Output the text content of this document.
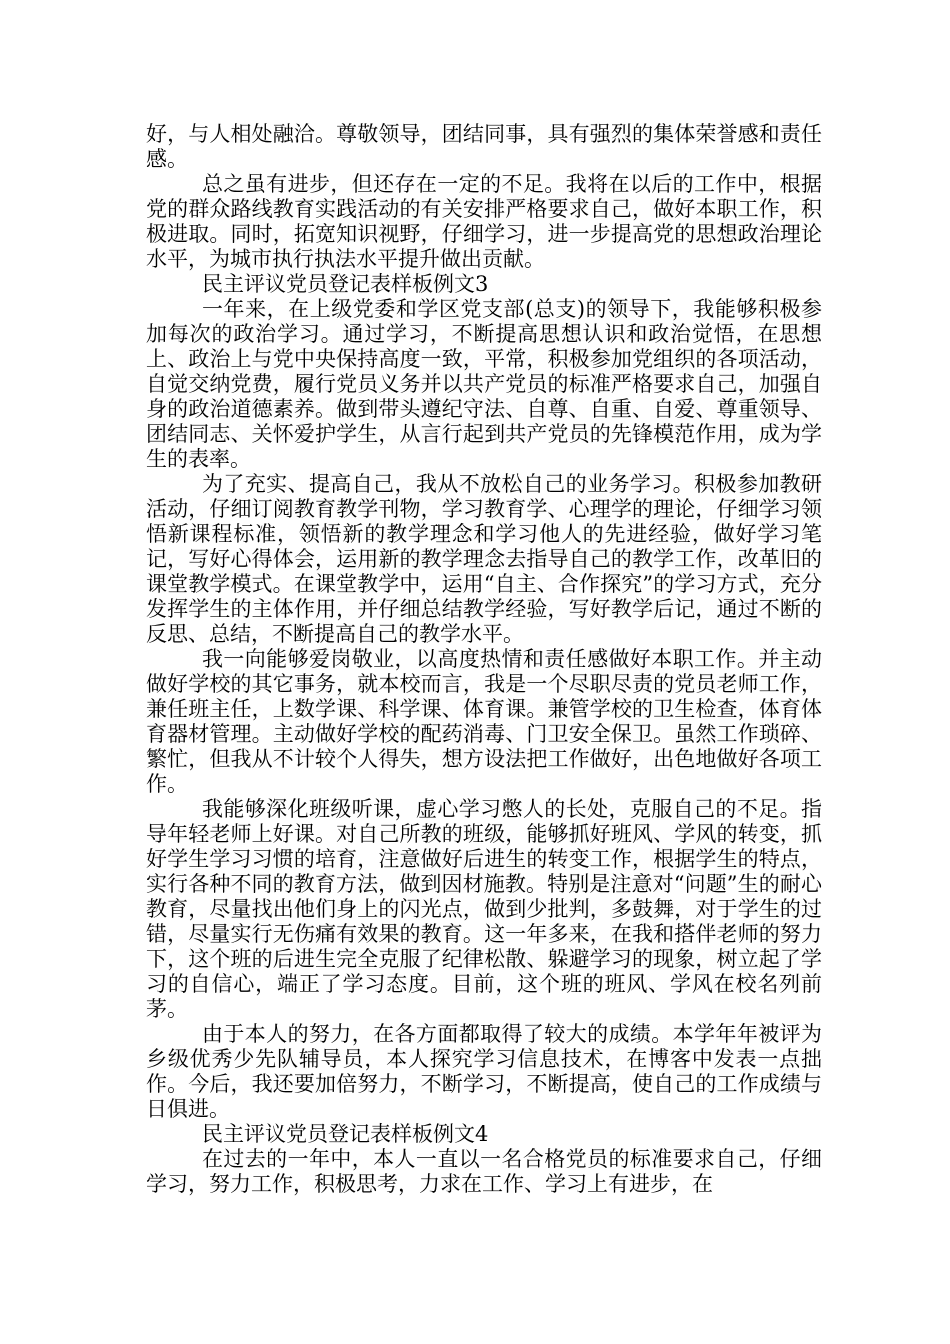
好，与人相处融洽。尊敬领导，团结同事，具有强烈的集体荣誉感和责任感。

总之虽有进步，但还存在一定的不足。我将在以后的工作中，根据党的群众路线教育实践活动的有关安排严格要求自己，做好本职工作，积极进取。同时，拓宽知识视野，仔细学习，进一步提高党的思想政治理论水平，为城市执行执法水平提升做出贡献。

民主评议党员登记表样板例文3

一年来，在上级党委和学区党支部(总支)的领导下，我能够积极参加每次的政治学习。通过学习，不断提高思想认识和政治觉悟，在思想上、政治上与党中央保持高度一致，平常，积极参加党组织的各项活动，自觉交纳党费，履行党员义务并以共产党员的标准严格要求自己，加强自身的政治道德素养。做到带头遵纪守法、自尊、自重、自爱、尊重领导、团结同志、关怀爱护学生，从言行起到共产党员的先锋模范作用，成为学生的表率。

为了充实、提高自己，我从不放松自己的业务学习。积极参加教研活动，仔细订阅教育教学刊物，学习教育学、心理学的理论，仔细学习领悟新课程标准，领悟新的教学理念和学习他人的先进经验，做好学习笔记，写好心得体会，运用新的教学理念去指导自己的教学工作，改革旧的课堂教学模式。在课堂教学中，运用“自主、合作探究”的学习方式，充分发挥学生的主体作用，并仔细总结教学经验，写好教学后记，通过不断的反思、总结，不断提高自己的教学水平。

我一向能够爱岗敬业，以高度热情和责任感做好本职工作。并主动做好学校的其它事务，就本校而言，我是一个尽职尽责的党员老师工作，兼任班主任，上数学课、科学课、体育课。兼管学校的卫生检查，体育体育器材管理。主动做好学校的配药消毒、门卫安全保卫。虽然工作琐碎、繁忙，但我从不计较个人得失，想方设法把工作做好，出色地做好各项工作。

我能够深化班级听课，虚心学习憋人的长处，克服自己的不足。指导年轻老师上好课。对自己所教的班级，能够抓好班风、学风的转变，抓好学生学习习惯的培育，注意做好后进生的转变工作，根据学生的特点，实行各种不同的教育方法，做到因材施教。特别是注意对“问题”生的耐心教育，尽量找出他们身上的闪光点，做到少批判，多鼓舞，对于学生的过错，尽量实行无伤痛有效果的教育。这一年多来，在我和搭伴老师的努力下，这个班的后进生完全克服了纪律松散、躲避学习的现象，树立起了学习的自信心，端正了学习态度。目前，这个班的班风、学风在校名列前茅。

由于本人的努力，在各方面都取得了较大的成绩。本学年年被评为乡级优秀少先队辅导员，本人探究学习信息技术，在博客中发表一点拙作。今后，我还要加倍努力，不断学习，不断提高，使自己的工作成绩与日俱进。

民主评议党员登记表样板例文4

在过去的一年中，本人一直以一名合格党员的标准要求自己，仔细学习，努力工作，积极思考，力求在工作、学习上有进步，在
